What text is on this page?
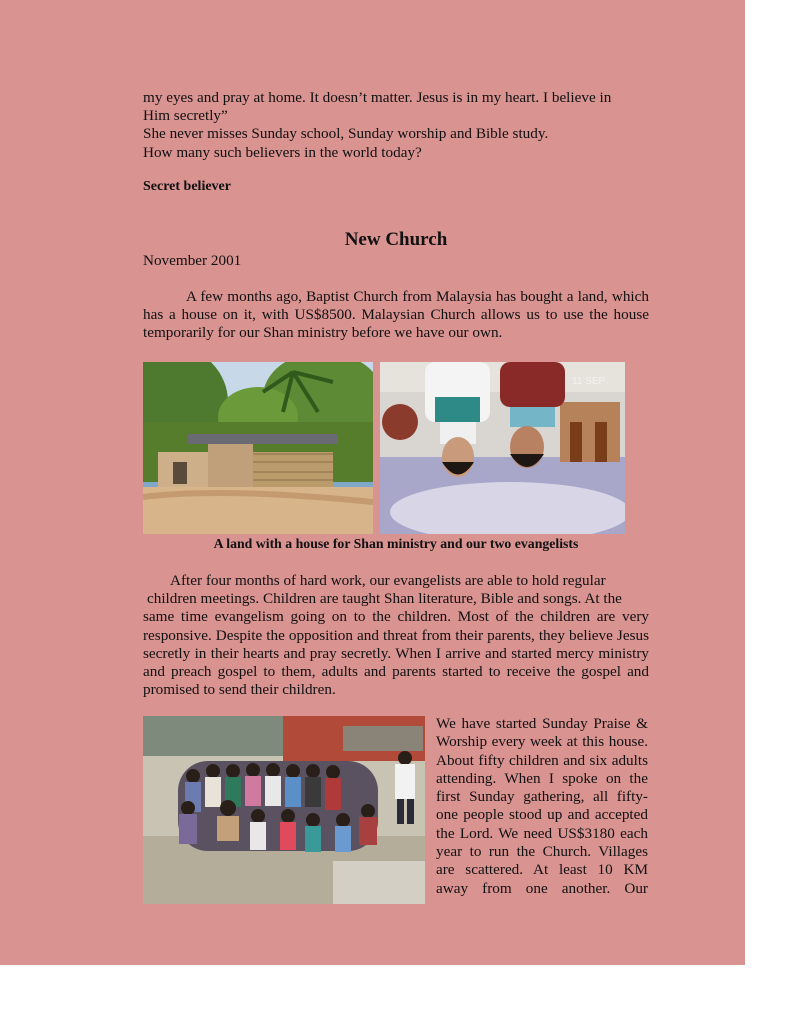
my eyes and pray at home. It doesn’t matter. Jesus is in my heart. I believe in
Him secretly”
She never misses Sunday school, Sunday worship and Bible study.
How many such believers in the world today?
Secret believer
New Church
November 2001
A few months ago, Baptist Church from Malaysia has bought a land, which has a house on it, with US$8500. Malaysian Church allows us to use the house temporarily for our Shan ministry before we have our own.
11 SEP
A land with a house for Shan ministry and our two evangelists
After four months of hard work, our evangelists are able to hold regular
children meetings. Children are taught Shan literature, Bible and songs. At the
same time evangelism going on to the children. Most of the children are very responsive. Despite the opposition and threat from their parents, they believe Jesus secretly in their hearts and pray secretly. When I arrive and started mercy ministry and preach gospel to them, adults and parents started to receive the gospel and promised to send their children.
We have started Sunday Praise & Worship every week at this house. About fifty children and six adults attending. When I spoke on the first Sunday gathering, all fifty-one people stood up and accepted the Lord. We need US$3180 each year to run the Church. Villages are scattered. At least 10 KM away from one another. Our
